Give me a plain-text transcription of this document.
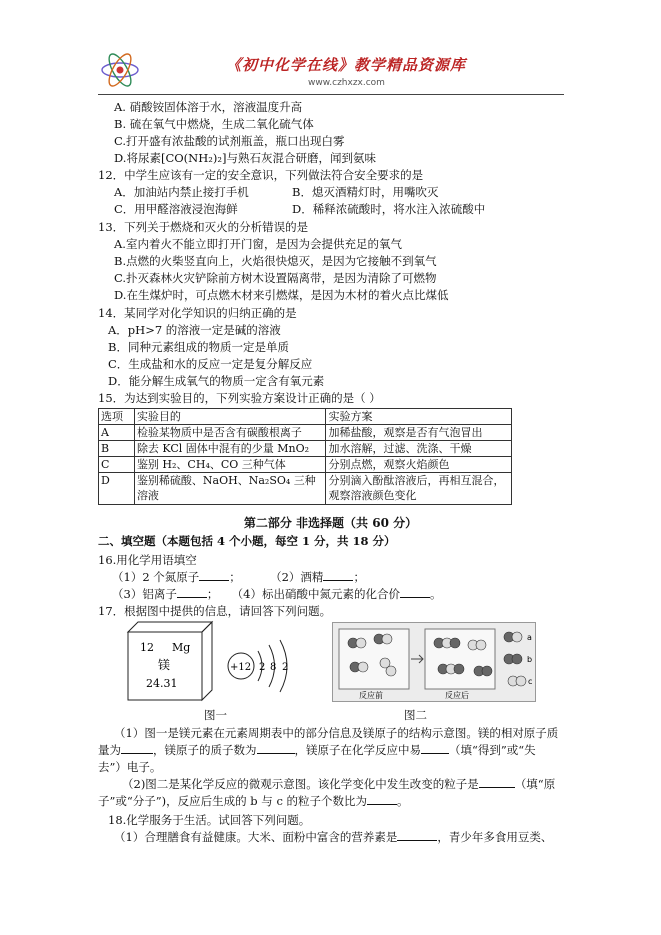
《初中化学在线》教学精品资源库
www.czhxzx.com
A. 硝酸铵固体溶于水，溶液温度升高
B. 硫在氧气中燃烧，生成二氧化硫气体
C.打开盛有浓盐酸的试剂瓶盖，瓶口出现白雾
D.将尿素[CO(NH₂)₂]与熟石灰混合研磨，闻到氨味
12．中学生应该有一定的安全意识，下列做法符合安全要求的是
A．加油站内禁止接打手机	B．熄灭酒精灯时，用嘴吹灭
C．用甲醛溶液浸泡海鲜	D．稀释浓硫酸时，将水注入浓硫酸中
13．下列关于燃烧和灭火的分析错误的是
A.室内着火不能立即打开门窗，是因为会提供充足的氧气
B.点燃的火柴竖直向上，火焰很快熄灭，是因为它接触不到氧气
C.扑灭森林火灾铲除前方树木设置隔离带，是因为清除了可燃物
D.在生煤炉时，可点燃木材来引燃煤，是因为木材的着火点比煤低
14．某同学对化学知识的归纳正确的是
A．pH>7 的溶液一定是碱的溶液
B．同种元素组成的物质一定是单质
C．生成盐和水的反应一定是复分解反应
D．能分解生成氧气的物质一定含有氧元素
15．为达到实验目的，下列实验方案设计正确的是（ ）
选项	实验目的	实验方案
A	检验某物质中是否含有碳酸根离子	加稀盐酸，观察是否有气泡冒出
B	除去 KCl 固体中混有的少量 MnO₂	加水溶解，过滤、洗涤、干燥
C	鉴别 H₂、CH₄、CO 三种气体	分别点燃，观察火焰颜色
D	鉴别稀硫酸、NaOH、Na₂SO₄ 三种溶液	分别滴入酚酞溶液后，再相互混合，观察溶液颜色变化
第二部分 非选择题（共 60 分）
二、填空题（本题包括 4 个小题，每空 1 分，共 18 分）
16.用化学用语填空
（1）2 个氮原子	；  （2）酒精	；
（3）铝离子	；  （4）标出硝酸中氮元素的化合价	。
17．根据图中提供的信息，请回答下列问题。
12 Mg
镁
24.31
+12 2 8 2
a
b
c
反应前	反应后
图一	图二
（1）图一是镁元素在元素周期表中的部分信息及镁原子的结构示意图。镁的相对原子质
量为	，镁原子的质子数为	，镁原子在化学反应中易 （填“得到”或“失
去”）电子。
（2)图二是某化学反应的微观示意图。该化学变化中发生改变的粒子是	（填“原
子”或“分子”)，反应后生成的 b 与 c 的粒子个数比为	。
18.化学服务于生活。试回答下列问题。
（1）合理膳食有益健康。大米、面粉中富含的营养素是	，青少年多食用豆类、
